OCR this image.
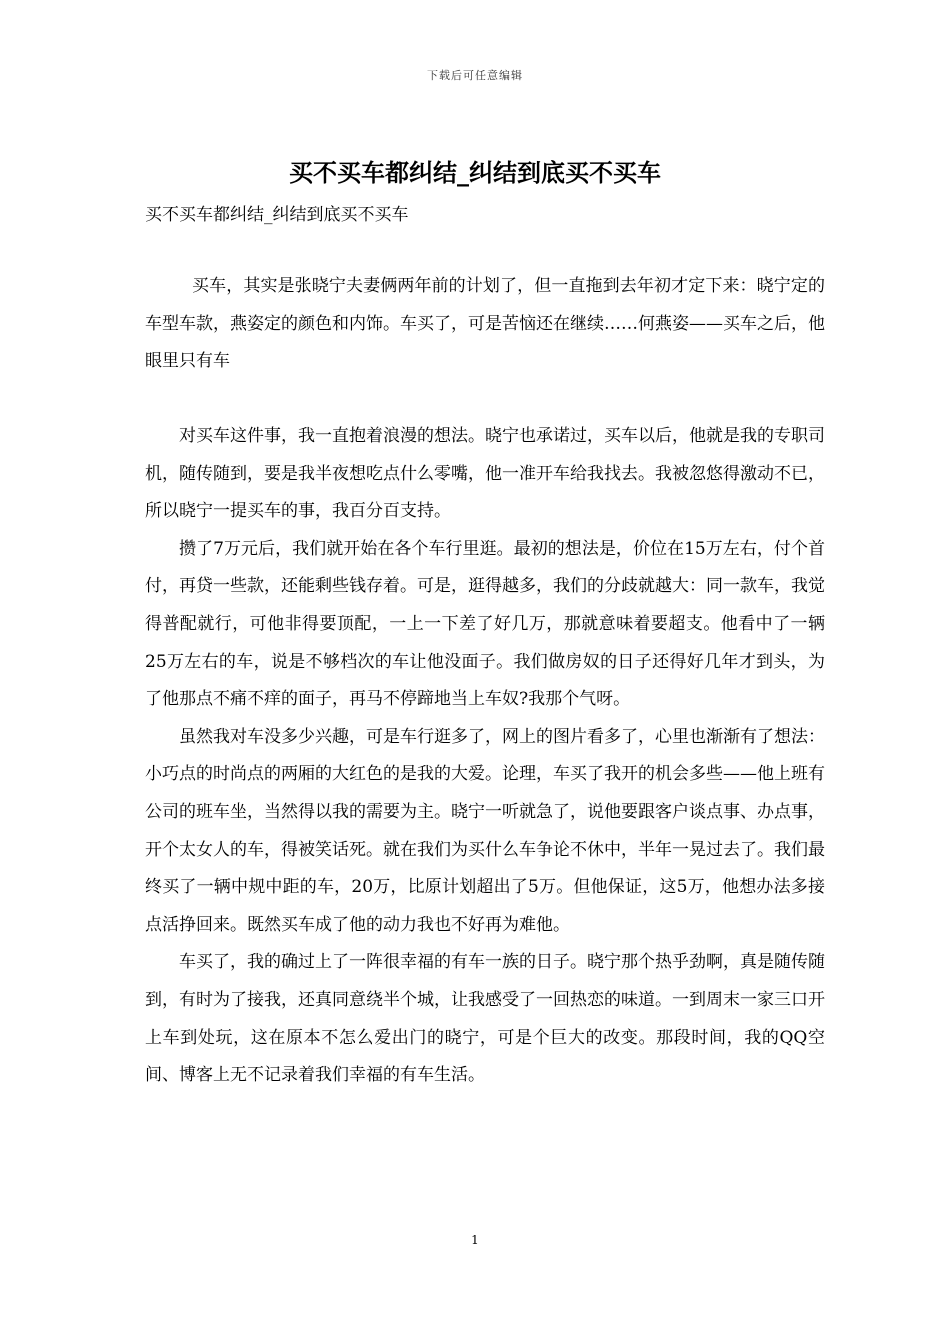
下载后可任意编辑
买不买车都纠结_纠结到底买不买车

买不买车都纠结_纠结到底买不买车

买车，其实是张晓宁夫妻俩两年前的计划了，但一直拖到去年初才定下来：晓宁定的车型车款，燕姿定的颜色和内饰。车买了，可是苦恼还在继续……何燕姿——买车之后，他眼里只有车

对买车这件事，我一直抱着浪漫的想法。晓宁也承诺过，买车以后，他就是我的专职司机，随传随到，要是我半夜想吃点什么零嘴，他一准开车给我找去。我被忽悠得激动不已，所以晓宁一提买车的事，我百分百支持。

攒了7万元后，我们就开始在各个车行里逛。最初的想法是，价位在15万左右，付个首付，再贷一些款，还能剩些钱存着。可是，逛得越多，我们的分歧就越大：同一款车，我觉得普配就行，可他非得要顶配，一上一下差了好几万，那就意味着要超支。他看中了一辆25万左右的车，说是不够档次的车让他没面子。我们做房奴的日子还得好几年才到头，为了他那点不痛不痒的面子，再马不停蹄地当上车奴?我那个气呀。

虽然我对车没多少兴趣，可是车行逛多了，网上的图片看多了，心里也渐渐有了想法：小巧点的时尚点的两厢的大红色的是我的大爱。论理，车买了我开的机会多些——他上班有公司的班车坐，当然得以我的需要为主。晓宁一听就急了，说他要跟客户谈点事、办点事，开个太女人的车，得被笑话死。就在我们为买什么车争论不休中，半年一晃过去了。我们最终买了一辆中规中距的车，20万，比原计划超出了5万。但他保证，这5万，他想办法多接点活挣回来。既然买车成了他的动力我也不好再为难他。

车买了，我的确过上了一阵很幸福的有车一族的日子。晓宁那个热乎劲啊，真是随传随到，有时为了接我，还真同意绕半个城，让我感受了一回热恋的味道。一到周末一家三口开上车到处玩，这在原本不怎么爱出门的晓宁，可是个巨大的改变。那段时间，我的QQ空间、博客上无不记录着我们幸福的有车生活。

1
